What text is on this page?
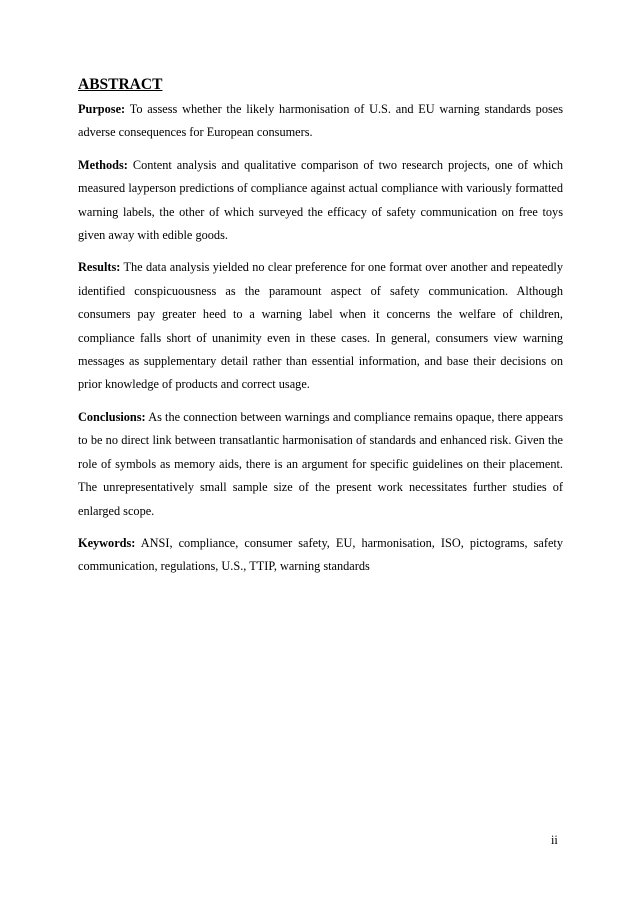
ABSTRACT

Purpose: To assess whether the likely harmonisation of U.S. and EU warning standards poses adverse consequences for European consumers.

Methods: Content analysis and qualitative comparison of two research projects, one of which measured layperson predictions of compliance against actual compliance with variously formatted warning labels, the other of which surveyed the efficacy of safety communication on free toys given away with edible goods.

Results: The data analysis yielded no clear preference for one format over another and repeatedly identified conspicuousness as the paramount aspect of safety communication. Although consumers pay greater heed to a warning label when it concerns the welfare of children, compliance falls short of unanimity even in these cases. In general, consumers view warning messages as supplementary detail rather than essential information, and base their decisions on prior knowledge of products and correct usage.

Conclusions: As the connection between warnings and compliance remains opaque, there appears to be no direct link between transatlantic harmonisation of standards and enhanced risk. Given the role of symbols as memory aids, there is an argument for specific guidelines on their placement. The unrepresentatively small sample size of the present work necessitates further studies of enlarged scope.

Keywords: ANSI, compliance, consumer safety, EU, harmonisation, ISO, pictograms, safety communication, regulations, U.S., TTIP, warning standards

ii
